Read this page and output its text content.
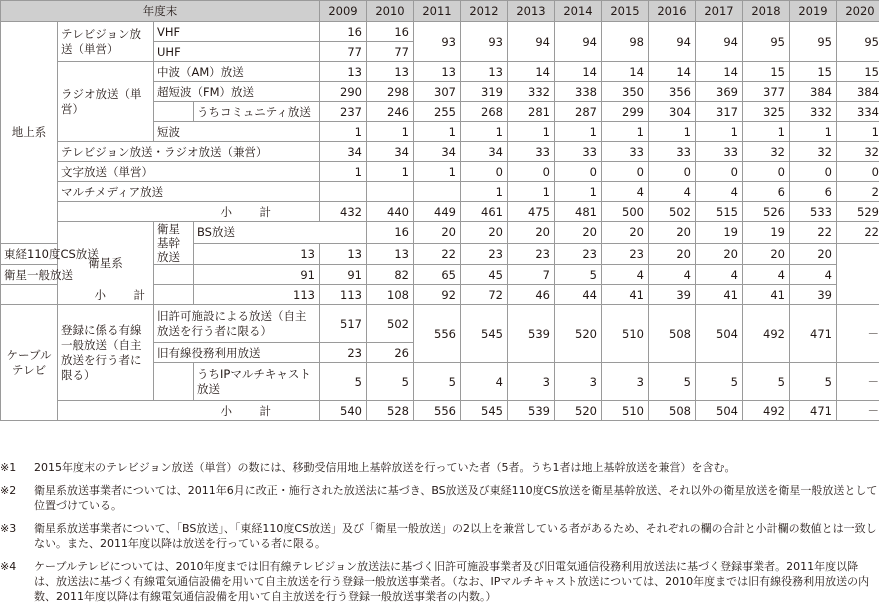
年度末				2009	2010	2011	2012	2013	2014	2015	2016	2017	2018	2019	2020	
地上系	テレビジョン放送（単営）	VHF		16	16	93	93	94	94	98	94	94	95	95	95	
		UHF		77	77											
	ラジオ放送（単営）	中波（AM）放送		13	13	13	13	14	14	14	14	14	15	15	15	
		超短波（FM）放送		290	298	307	319	332	338	350	356	369	377	384	384	
			うちコミュニティ放送	237	246	255	268	281	287	299	304	317	325	332	334	
		短波		1	1	1	1	1	1	1	1	1	1	1	1	
	テレビジョン放送・ラジオ放送（兼営）			34	34	34	34	33	33	33	33	33	32	32	32	
	文字放送（単営）			1	1	1	0	0	0	0	0	0	0	0	0	
	マルチメディア放送						1	1	1	4	4	4	6	6	2	
	小　計			432	440	449	461	475	481	500	502	515	526	533	529	
	衛星系	衛星基幹放送	BS放送		16	20	20	20	20	20	20	19	19	22	22	
東経110度CS放送			13	13	13	22	23	23	23	23	20	20	20	20		
衛星一般放送			91	91	82	65	45	7	5	4	4	4	4	4		
小　計			113	113	108	92	72	46	44	41	39	41	41	39		
ケーブルテレビ	登録に係る有線一般放送（自主放送を行う者に限る）	旧許可施設による放送（自主放送を行う者に限る）		517	502	556	545	539	520	510	508	504	492	471	－	
		旧有線役務利用放送		23	26											
			うちIPマルチキャスト放送	5	5	5	4	3	3	3	5	5	5	5	－	
	小　計			540	528	556	545	539	520	510	508	504	492	471	－	
※1 2015年度末のテレビジョン放送（単営）の数には、移動受信用地上基幹放送を行っていた者（5者。うち1者は地上基幹放送を兼営）を含む。
※2 衛星系放送事業者については、2011年6月に改正・施行された放送法に基づき、BS放送及び東経110度CS放送を衛星基幹放送、それ以外の衛星放送を衛星一般放送として位置づけている。
※3 衛星系放送事業者について、「BS放送」、「東経110度CS放送」及び「衛星一般放送」の2以上を兼営している者があるため、それぞれの欄の合計と小計欄の数値とは一致しない。また、2011年度以降は放送を行っている者に限る。
※4 ケーブルテレビについては、2010年度までは旧有線テレビジョン放送法に基づく旧許可施設事業者及び旧電気通信役務利用放送法に基づく登録事業者。2011年度以降は、放送法に基づく有線電気通信設備を用いて自主放送を行う登録一般放送事業者。（なお、IPマルチキャスト放送については、2010年度までは旧有線役務利用放送の内数、2011年度以降は有線電気通信設備を用いて自主放送を行う登録一般放送事業者の内数。）
